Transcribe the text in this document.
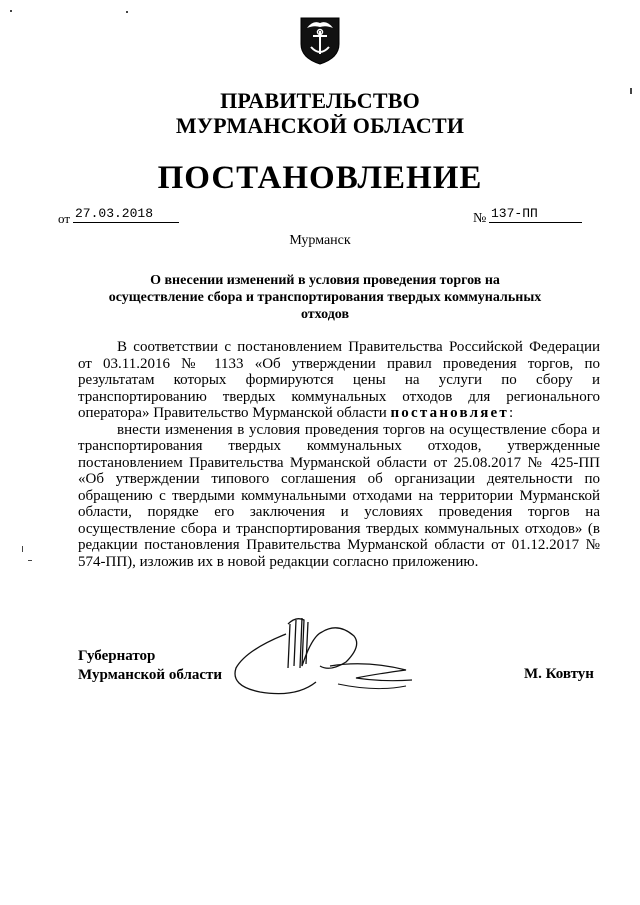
ПРАВИТЕЛЬСТВО
МУРМАНСКОЙ ОБЛАСТИ
ПОСТАНОВЛЕНИЕ
от 27.03.2018	№ 137-ПП
Мурманск
О внесении изменений в условия проведения торгов на
осуществление сбора и транспортирования твердых коммунальных
отходов

В соответствии с постановлением Правительства Российской Федерации от 03.11.2016 № 1133 «Об утверждении правил проведения торгов, по результатам которых формируются цены на услуги по сбору и транспортированию твердых коммунальных отходов для регионального оператора» Правительство Мурманской области постановляет:

внести изменения в условия проведения торгов на осуществление сбора и транспортирования твердых коммунальных отходов, утвержденные постановлением Правительства Мурманской области от 25.08.2017 № 425-ПП «Об утверждении типового соглашения об организации деятельности по обращению с твердыми коммунальными отходами на территории Мурманской области, порядке его заключения и условиях проведения торгов на осуществление сбора и транспортирования твердых коммунальных отходов» (в редакции постановления Правительства Мурманской области от 01.12.2017 № 574-ПП), изложив их в новой редакции согласно приложению.

Губернатор
Мурманской области	М. Ковтун
